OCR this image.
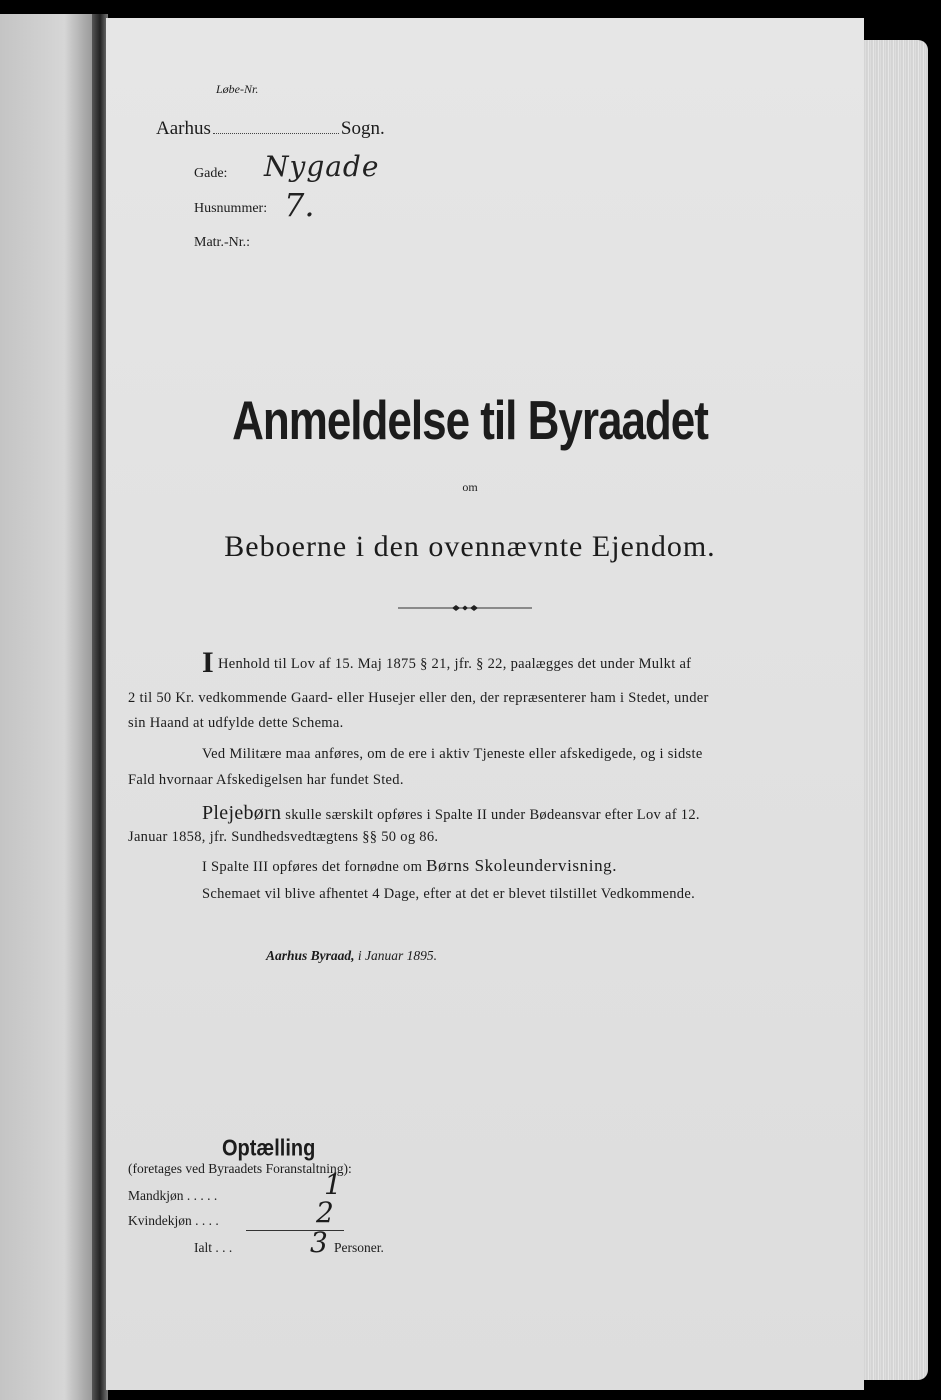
Løbe-Nr.
Aarhus	Sogn.
Gade: Nygade
Husnummer: 7.
Matr.-Nr.:
Anmeldelse til Byraadet
om
Beboerne i den ovennævnte Ejendom.
I Henhold til Lov af 15. Maj 1875 § 21, jfr. § 22, paalægges det under Mulkt af
2 til 50 Kr. vedkommende Gaard- eller Husejer eller den, der repræsenterer ham i Stedet, under
sin Haand at udfylde dette Schema.
Ved Militære maa anføres, om de ere i aktiv Tjeneste eller afskedigede, og i sidste
Fald hvornaar Afskedigelsen har fundet Sted.
Plejebørn skulle særskilt opføres i Spalte II under Bødeansvar efter Lov af 12.
Januar 1858, jfr. Sundhedsvedtægtens §§ 50 og 86.
I Spalte III opføres det fornødne om Børns Skoleundervisning.
Schemaet vil blive afhentet 4 Dage, efter at det er blevet tilstillet Vedkommende.
Aarhus Byraad, i Januar 1895.
Optælling
(foretages ved Byraadets Foranstaltning):
Mandkjøn . . . . .	1
Kvindekjøn . . . .	2
Ialt . . .	3 Personer.
